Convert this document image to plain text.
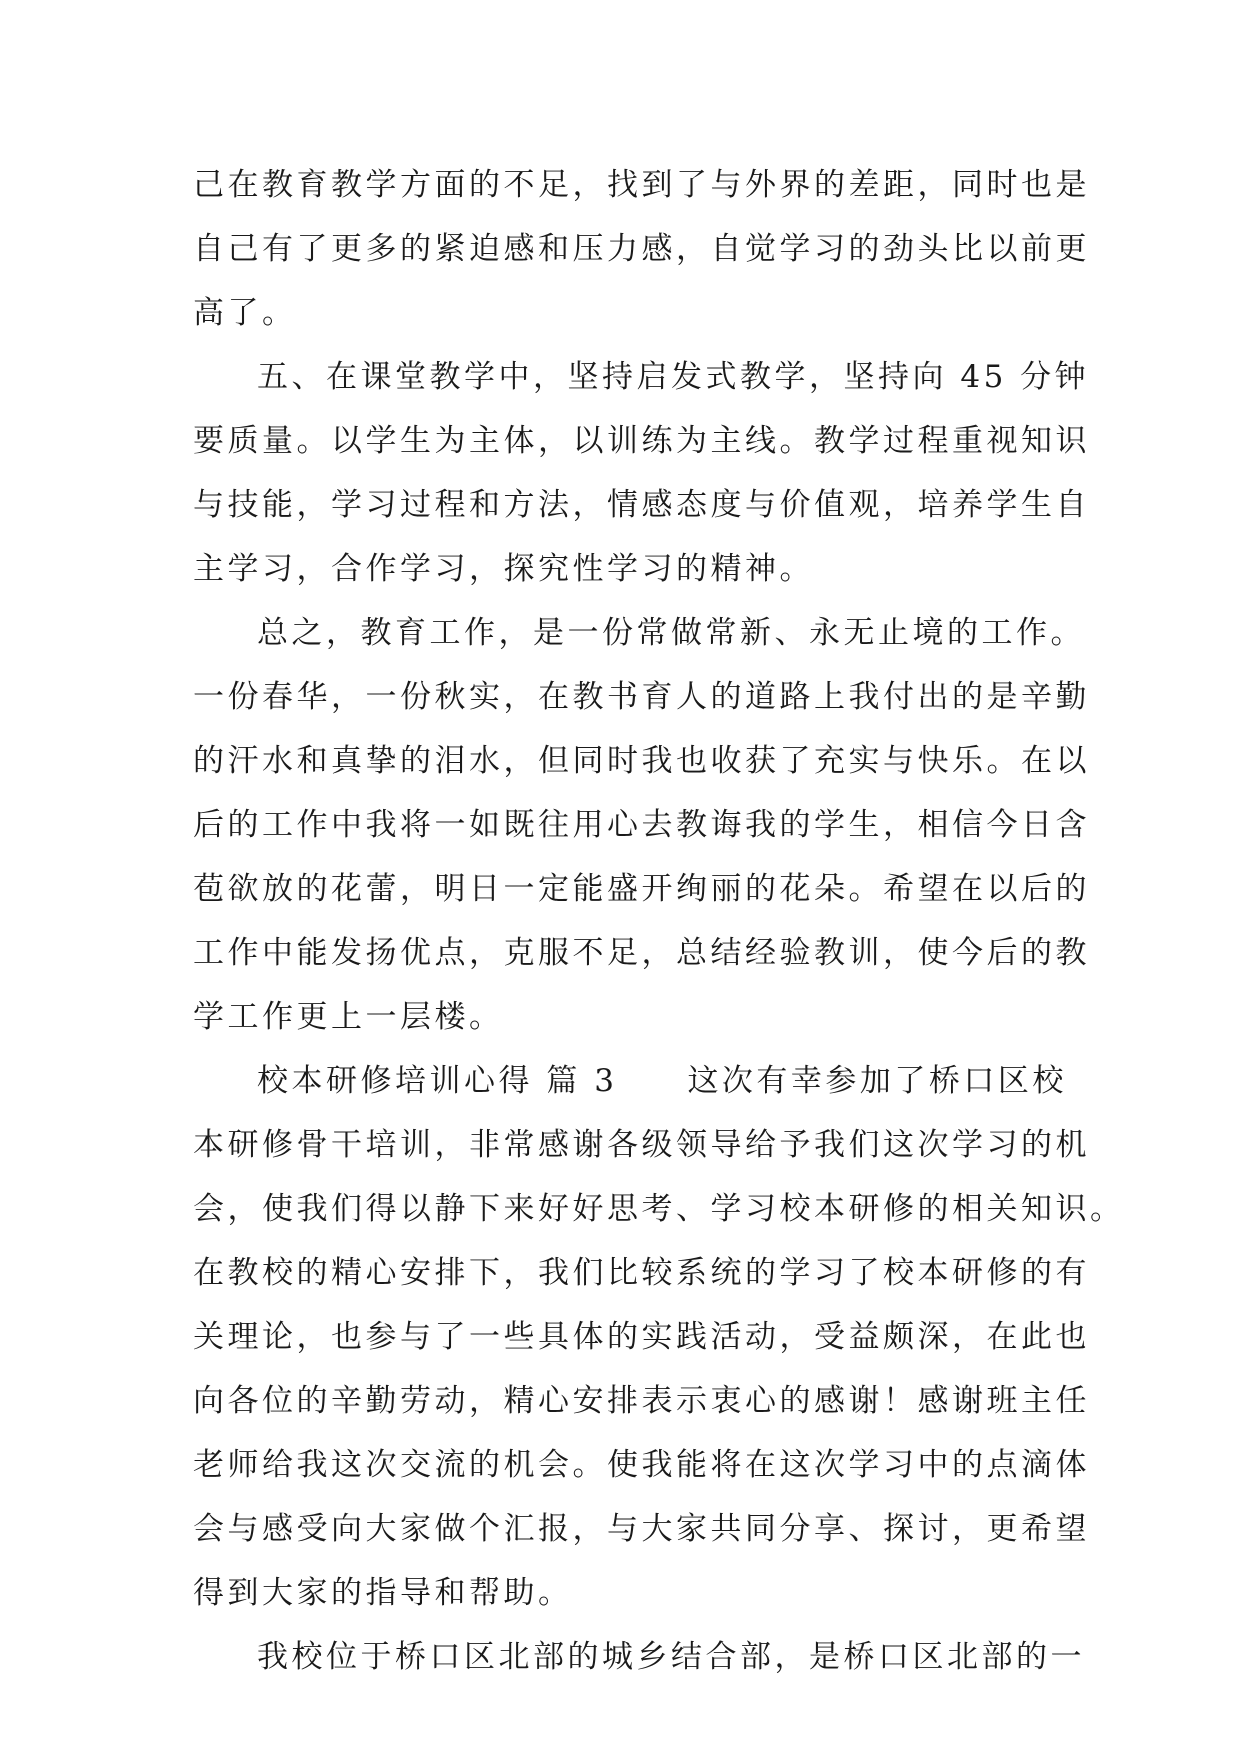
己在教育教学方面的不足，找到了与外界的差距，同时也是
自己有了更多的紧迫感和压力感，自觉学习的劲头比以前更
高了。
五、在课堂教学中，坚持启发式教学，坚持向 45 分钟
要质量。以学生为主体，以训练为主线。教学过程重视知识
与技能，学习过程和方法，情感态度与价值观，培养学生自
主学习，合作学习，探究性学习的精神。
总之，教育工作，是一份常做常新、永无止境的工作。
一份春华，一份秋实，在教书育人的道路上我付出的是辛勤
的汗水和真挚的泪水，但同时我也收获了充实与快乐。在以
后的工作中我将一如既往用心去教诲我的学生，相信今日含
苞欲放的花蕾，明日一定能盛开绚丽的花朵。希望在以后的
工作中能发扬优点，克服不足，总结经验教训，使今后的教
学工作更上一层楼。
校本研修培训心得 篇 3 这次有幸参加了桥口区校
本研修骨干培训，非常感谢各级领导给予我们这次学习的机
会，使我们得以静下来好好思考、学习校本研修的相关知识。
在教校的精心安排下，我们比较系统的学习了校本研修的有
关理论，也参与了一些具体的实践活动，受益颇深，在此也
向各位的辛勤劳动，精心安排表示衷心的感谢！感谢班主任
老师给我这次交流的机会。使我能将在这次学习中的点滴体
会与感受向大家做个汇报，与大家共同分享、探讨，更希望
得到大家的指导和帮助。
我校位于桥口区北部的城乡结合部，是桥口区北部的一
